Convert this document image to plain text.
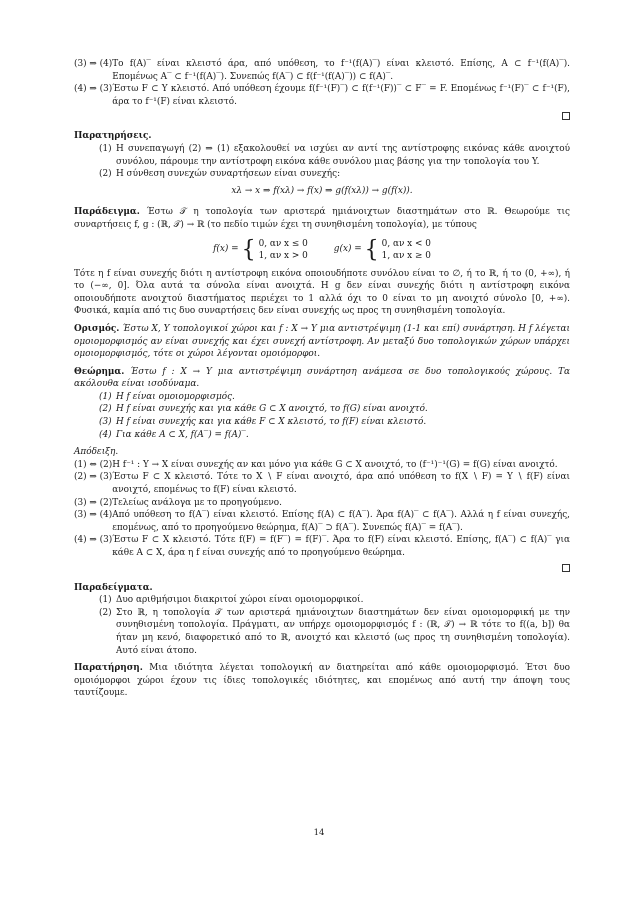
(3) ⇒ (4) Το f(A)‾ είναι κλειστό άρα, από υπόθεση, το f⁻¹(f(A)‾) είναι κλειστό. Επίσης, A ⊂ f⁻¹(f(A)‾). Επομένως A‾ ⊂ f⁻¹(f(A)‾). Συνεπώς f(A‾) ⊂ f(f⁻¹(f(A)‾)) ⊂ f(A)‾.
(4) ⇒ (3) Έστω F ⊂ Y κλειστό. Από υπόθεση έχουμε f(f⁻¹(F)‾) ⊂ f(f⁻¹(F))‾ ⊂ F‾ = F. Επομένως f⁻¹(F)‾ ⊂ f⁻¹(F), άρα το f⁻¹(F) είναι κλειστό.
Παρατηρήσεις.
(1) Η συνεπαγωγή (2) ⇒ (1) εξακολουθεί να ισχύει αν αντί της αντίστροφης εικόνας κάθε ανοιχτού συνόλου, πάρουμε την αντίστροφη εικόνα κάθε συνόλου μιας βάσης για την τοπολογία του Y.
(2) Η σύνθεση συνεχών συναρτήσεων είναι συνεχής:
xλ → x ⇒ f(xλ) → f(x) ⇒ g(f(xλ)) → g(f(x)).
Παράδειγμα. Έστω 𝒯 η τοπολογία των αριστερά ημιάνοιχτων διαστημάτων στο ℝ. Θεωρούμε τις συναρτήσεις f, g : (ℝ, 𝒯) → ℝ (το πεδίο τιμών έχει τη συνηθισμένη τοπολογία), με τύπους
f(x) = { 0, αν x ≤ 0
1, αν x > 0
g(x) = { 0, αν x < 0
1, αν x ≥ 0
Τότε η f είναι συνεχής διότι η αντίστροφη εικόνα οποιουδήποτε συνόλου είναι το ∅, ή το ℝ, ή το (0, +∞), ή το (−∞, 0]. Όλα αυτά τα σύνολα είναι ανοιχτά. Η g δεν είναι συνεχής διότι η αντίστροφη εικόνα οποιουδήποτε ανοιχτού διαστήματος περιέχει το 1 αλλά όχι το 0 είναι το μη ανοιχτό σύνολο [0, +∞). Φυσικά, καμία από τις δυο συναρτήσεις δεν είναι συνεχής ως προς τη συνηθισμένη τοπολογία.
Ορισμός. Έστω X, Y τοπολογικοί χώροι και f : X → Y μια αντιστρέψιμη (1-1 και επί) συνάρτηση. Η f λέγεται ομοιομορφισμός αν είναι συνεχής και έχει συνεχή αντίστροφη. Αν μεταξύ δυο τοπολογικών χώρων υπάρχει ομοιομορφισμός, τότε οι χώροι λέγονται ομοιόμορφοι.
Θεώρημα. Έστω f : X → Y μια αντιστρέψιμη συνάρτηση ανάμεσα σε δυο τοπολογικούς χώρους. Τα ακόλουθα είναι ισοδύναμα.
(1) Η f είναι ομοιομορφισμός.
(2) Η f είναι συνεχής και για κάθε G ⊂ X ανοιχτό, το f(G) είναι ανοιχτό.
(3) Η f είναι συνεχής και για κάθε F ⊂ X κλειστό, το f(F) είναι κλειστό.
(4) Για κάθε A ⊂ X, f(A‾) = f(A)‾.
Απόδειξη.
(1) ⇔ (2) Η f⁻¹ : Y → X είναι συνεχής αν και μόνο για κάθε G ⊂ X ανοιχτό, το (f⁻¹)⁻¹(G) = f(G) είναι ανοιχτό.
(2) ⇒ (3) Έστω F ⊂ X κλειστό. Τότε το X ∖ F είναι ανοιχτό, άρα από υπόθεση το f(X ∖ F) = Y ∖ f(F) είναι ανοιχτό, επομένως το f(F) είναι κλειστό.
(3) ⇒ (2) Τελείως ανάλογα με το προηγούμενο.
(3) ⇒ (4) Από υπόθεση το f(A‾) είναι κλειστό. Επίσης f(A) ⊂ f(A‾). Άρα f(A)‾ ⊂ f(A‾). Αλλά η f είναι συνεχής, επομένως, από το προηγούμενο θεώρημα, f(A)‾ ⊃ f(A‾). Συνεπώς f(A)‾ = f(A‾).
(4) ⇒ (3) Έστω F ⊂ X κλειστό. Τότε f(F) = f(F‾) = f(F)‾. Άρα το f(F) είναι κλειστό. Επίσης, f(A‾) ⊂ f(A)‾ για κάθε A ⊂ X, άρα η f είναι συνεχής από το προηγούμενο θεώρημα.
Παραδείγματα.
(1) Δυο αριθμήσιμοι διακριτοί χώροι είναι ομοιομορφικοί.
(2) Στο ℝ, η τοπολογία 𝒯 των αριστερά ημιάνοιχτων διαστημάτων δεν είναι ομοιομορφική με την συνηθισμένη τοπολογία. Πράγματι, αν υπήρχε ομοιομορφισμός f : (ℝ, 𝒯) → ℝ τότε το f((a, b]) θα ήταν μη κενό, διαφορετικό από το ℝ, ανοιχτό και κλειστό (ως προς τη συνηθισμένη τοπολογία). Αυτό είναι άτοπο.
Παρατήρηση. Μια ιδιότητα λέγεται τοπολογική αν διατηρείται από κάθε ομοιομορφισμό. Έτσι δυο ομοιόμορφοι χώροι έχουν τις ίδιες τοπολογικές ιδιότητες, και επομένως από αυτή την άποψη τους ταυτίζουμε.
14
